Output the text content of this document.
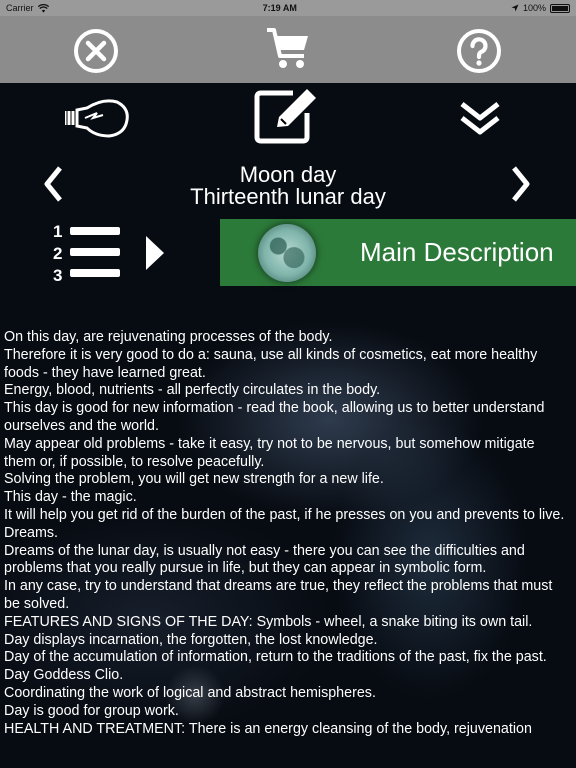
Carrier	7:19 AM	100%
Moon day
Thirteenth lunar day
1
2
3
Main Description

On this day, are rejuvenating processes of the body.

Therefore it is very good to do a: sauna, use all kinds of cosmetics, eat more healthy foods - they have learned great.

Energy, blood, nutrients - all perfectly circulates in the body.

This day is good for new information - read the book, allowing us to better understand ourselves and the world.

May appear old problems - take it easy, try not to be nervous, but somehow mitigate them or, if possible, to resolve peacefully.

Solving the problem, you will get new strength for a new life.

This day - the magic.

It will help you get rid of the burden of the past, if he presses on you and prevents to live.

Dreams.

Dreams of the lunar day, is usually not easy - there you can see the difficulties and problems that you really pursue in life, but they can appear in symbolic form.

In any case, try to understand that dreams are true, they reflect the problems that must be solved.

FEATURES AND SIGNS OF THE DAY: Symbols - wheel, a snake biting its own tail.

Day displays incarnation, the forgotten, the lost knowledge.

Day of the accumulation of information, return to the traditions of the past, fix the past.

Day Goddess Clio.

Coordinating the work of logical and abstract hemispheres.

Day is good for group work.

HEALTH AND TREATMENT: There is an energy cleansing of the body, rejuvenation
